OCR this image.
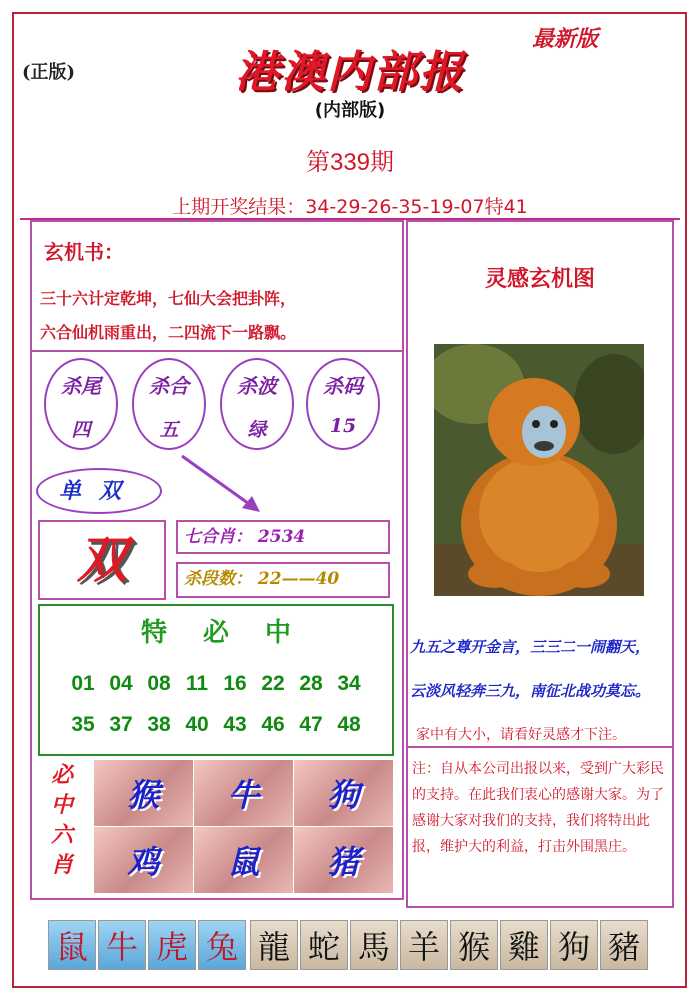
(正版)
最新版
港澳内部报
(内部版)
第339期
上期开奖结果：34-29-26-35-19-07特41
玄机书：
三十六计定乾坤，七仙大会把卦阵，
六合仙机雨重出，二四流下一路飘。
杀尾
四
杀合
五
杀波
绿
杀码
15
单双
双	七合肖： 2534
杀段数： 22——40
特必中
01 04 08 11 16 22 28 34
35 37 38 40 43 46 47 48
必
中
六
肖
猴	牛	狗
鸡	鼠	猪
灵感玄机图
九五之尊开金言，三三二一闹翻天，
云淡风轻奔三九，南征北战功莫忘。
家中有大小，请看好灵感才下注。
注：自从本公司出报以来，受到广大彩民的支持。在此我们衷心的感谢大家。为了感谢大家对我们的支持，我们将特出此报，维护大的利益，打击外围黑庄。
鼠 牛 虎 兔 龍 蛇 馬 羊 猴 雞 狗 豬
